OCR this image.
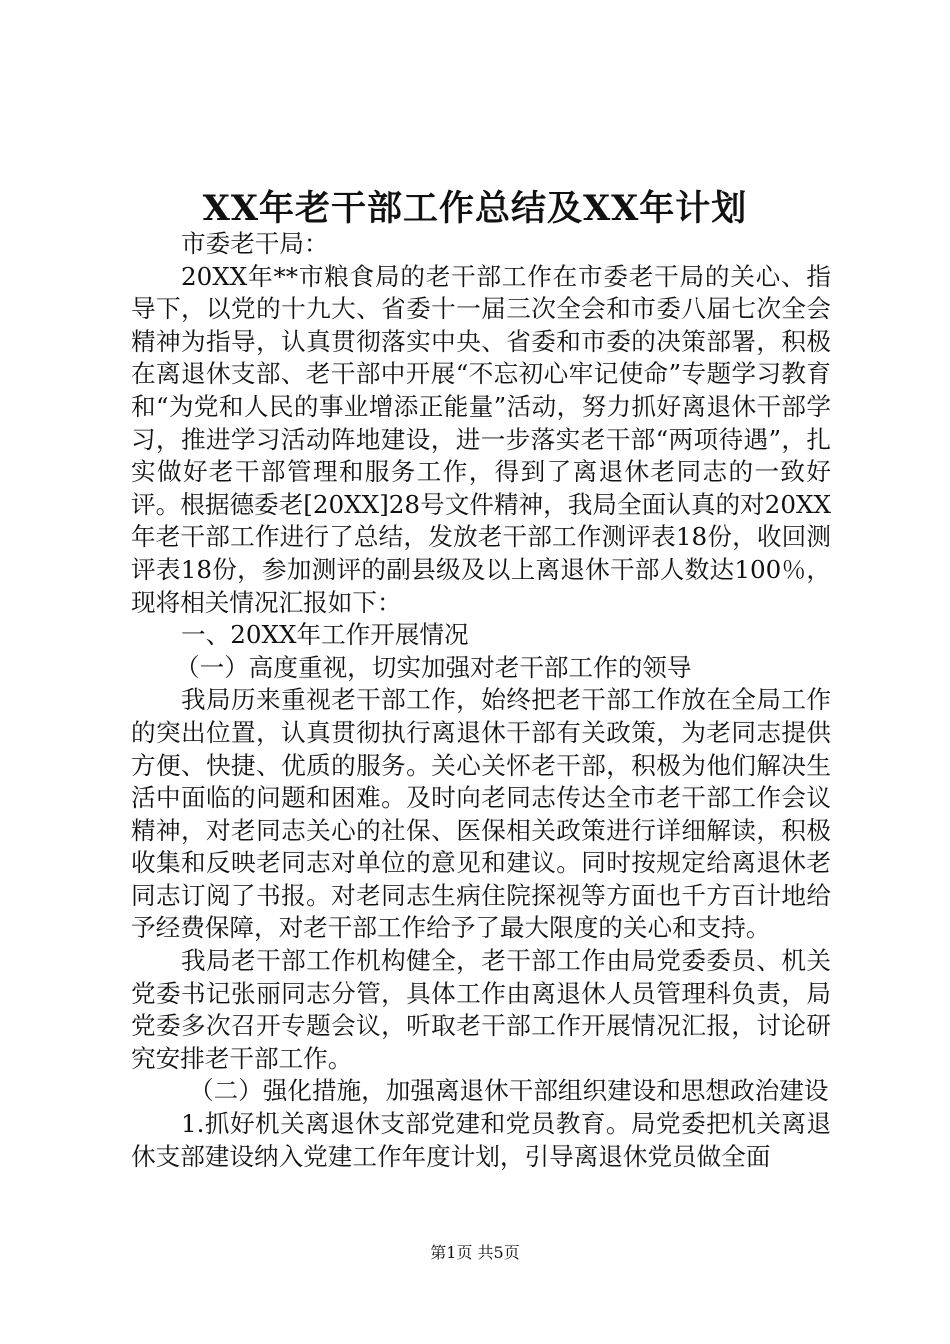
XX年老干部工作总结及XX年计划

市委老干局：

20XX年**市粮食局的老干部工作在市委老干局的关心、指导下，以党的十九大、省委十一届三次全会和市委八届七次全会精神为指导，认真贯彻落实中央、省委和市委的决策部署，积极在离退休支部、老干部中开展“不忘初心牢记使命”专题学习教育和“为党和人民的事业增添正能量”活动，努力抓好离退休干部学习，推进学习活动阵地建设，进一步落实老干部“两项待遇”，扎实做好老干部管理和服务工作，得到了离退休老同志的一致好评。根据德委老[20XX]28号文件精神，我局全面认真的对20XX年老干部工作进行了总结，发放老干部工作测评表18份，收回测评表18份，参加测评的副县级及以上离退休干部人数达100％，现将相关情况汇报如下：

一、20XX年工作开展情况

（一）高度重视，切实加强对老干部工作的领导

我局历来重视老干部工作，始终把老干部工作放在全局工作的突出位置，认真贯彻执行离退休干部有关政策，为老同志提供方便、快捷、优质的服务。关心关怀老干部，积极为他们解决生活中面临的问题和困难。及时向老同志传达全市老干部工作会议精神，对老同志关心的社保、医保相关政策进行详细解读，积极收集和反映老同志对单位的意见和建议。同时按规定给离退休老同志订阅了书报。对老同志生病住院探视等方面也千方百计地给予经费保障，对老干部工作给予了最大限度的关心和支持。

我局老干部工作机构健全，老干部工作由局党委委员、机关党委书记张丽同志分管，具体工作由离退休人员管理科负责，局党委多次召开专题会议，听取老干部工作开展情况汇报，讨论研究安排老干部工作。

（二）强化措施，加强离退休干部组织建设和思想政治建设

1.抓好机关离退休支部党建和党员教育。局党委把机关离退休支部建设纳入党建工作年度计划，引导离退休党员做全面

第1页 共5页
